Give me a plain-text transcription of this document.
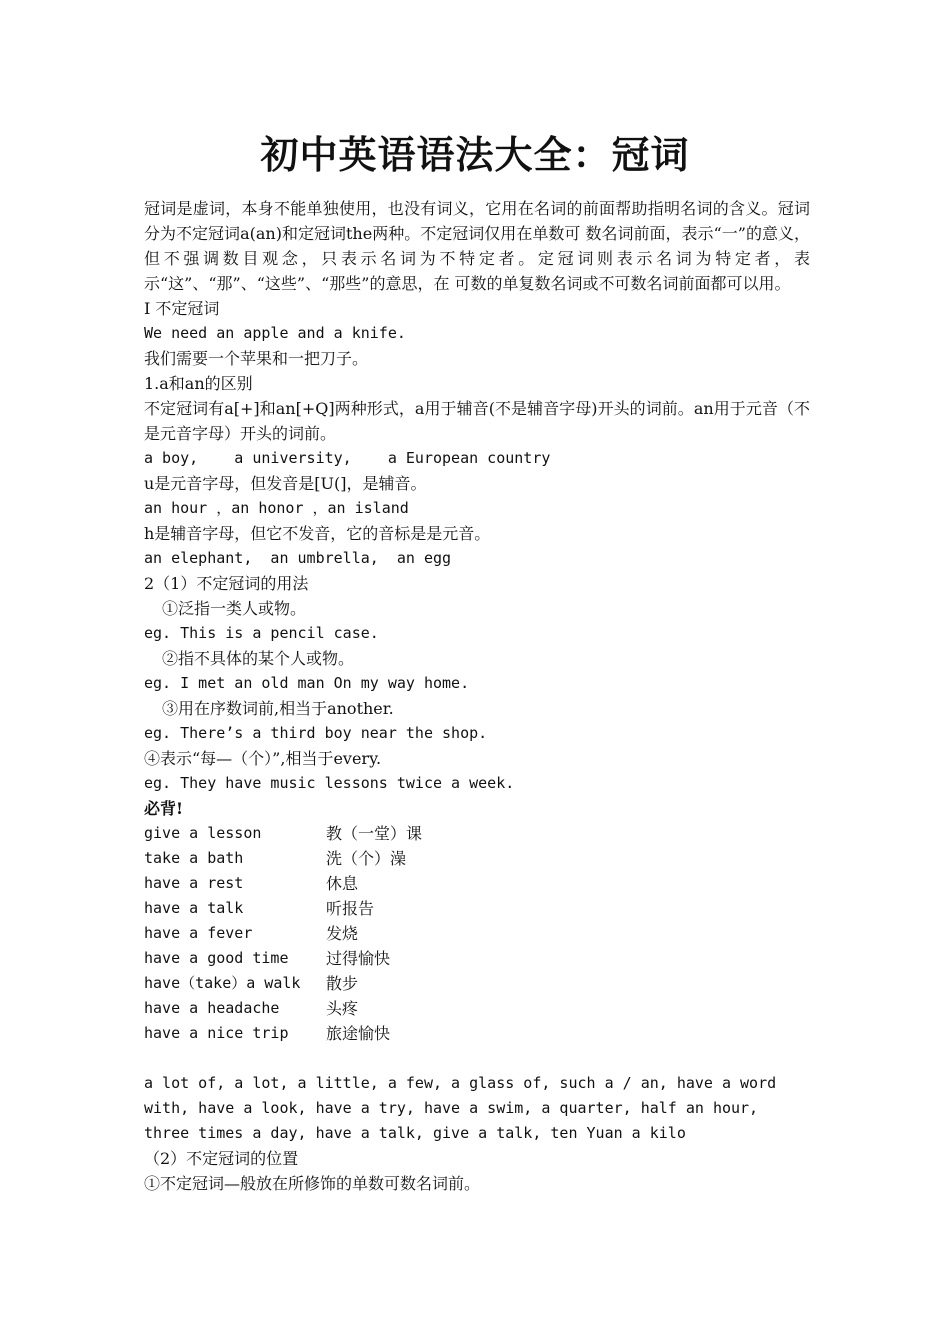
初中英语语法大全：冠词
冠词是虚词，本身不能单独使用，也没有词义，它用在名词的前面帮助指明名词的含义。冠词分为不定冠词a(an)和定冠词the两种。不定冠词仅用在单数可 数名词前面，表示“一”的意义，但不强调数目观念，只表示名词为不特定者。定冠词则表示名词为特定者，表示“这”、“那”、“这些”、“那些”的意思，在 可数的单复数名词或不可数名词前面都可以用。
I 不定冠词
We need an apple and a knife.
我们需要一个苹果和一把刀子。
1.a和an的区别
不定冠词有a[+]和an[+Q]两种形式，a用于辅音(不是辅音字母)开头的词前。an用于元音（不是元音字母）开头的词前。
a boy,    a university,    a European country
u是元音字母，但发音是[U(]，是辅音。
an hour ，an honor ，an island
h是辅音字母，但它不发音，它的音标是是元音。
an elephant,  an umbrella,  an egg
2（1）不定冠词的用法
①泛指一类人或物。
eg. This is a pencil case.
②指不具体的某个人或物。
eg. I met an old man On my way home.
③用在序数词前,相当于another.
eg. There’s a third boy near the shop.
④表示“每—（个）”,相当于every.
eg. They have music lessons twice a week.
必背!
give a lesson	教（一堂）课
take a bath	洗（个）澡
have a rest	休息
have a talk	听报告
have a fever	发烧
have a good time	过得愉快
have（take）a walk	散步
have a headache	头疼
have a nice trip	旅途愉快
a lot of, a lot, a little, a few, a glass of, such a / an, have a word
with, have a look, have a try, have a swim, a quarter, half an hour,
three times a day, have a talk, give a talk, ten Yuan a kilo
（2）不定冠词的位置
①不定冠词—般放在所修饰的单数可数名词前。
